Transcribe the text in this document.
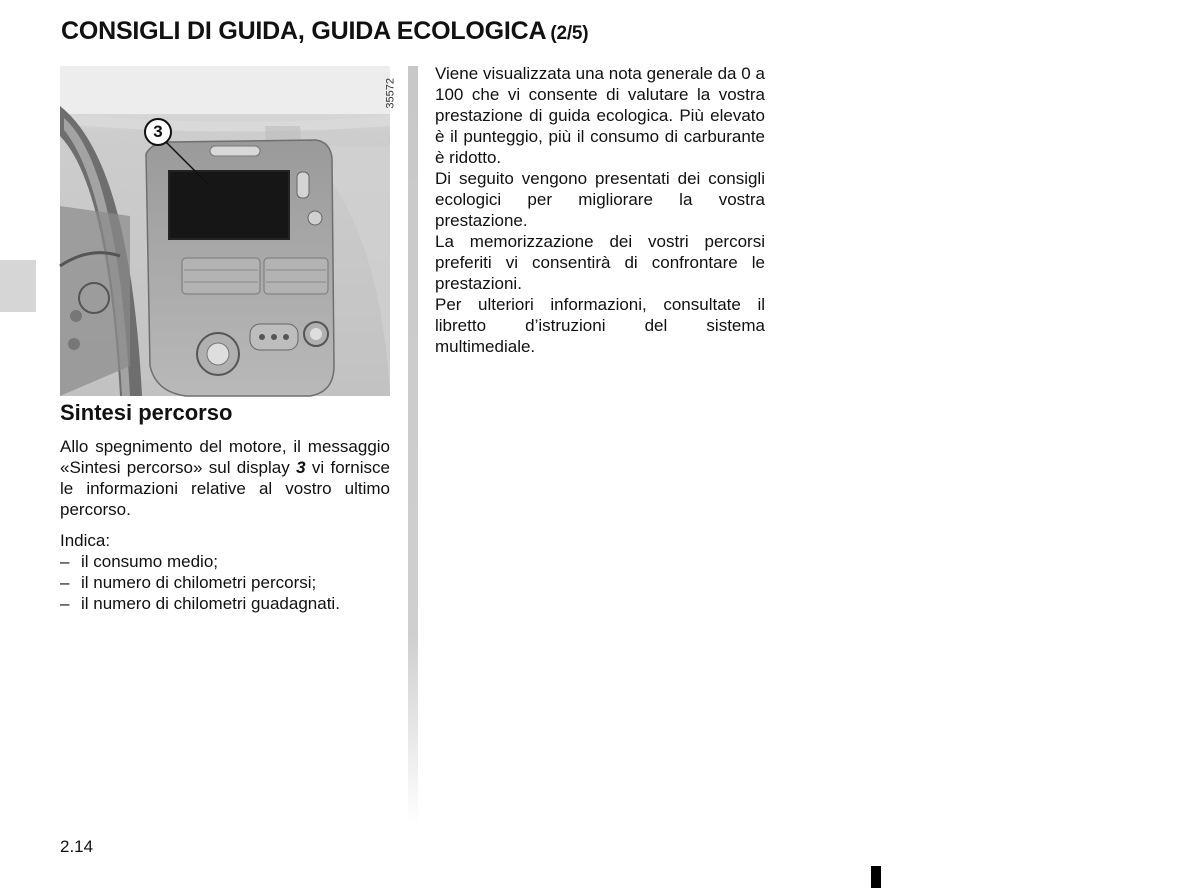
CONSIGLI DI GUIDA, GUIDA ECOLOGICA (2/5)
35572
3
Sintesi percorso

Allo spegnimento del motore, il messaggio «Sintesi percorso» sul display 3 vi fornisce le informazioni relative al vostro ultimo percorso.

Indica:
– il consumo medio;
– il numero di chilometri percorsi;
– il numero di chilometri guadagnati.

Viene visualizzata una nota generale da 0 a 100 che vi consente di valutare la vostra prestazione di guida ecologica. Più elevato è il punteggio, più il consumo di carburante è ridotto.

Di seguito vengono presentati dei consigli ecologici per migliorare la vostra prestazione.

La memorizzazione dei vostri percorsi preferiti vi consentirà di confrontare le prestazioni.

Per ulteriori informazioni, consultate il libretto d’istruzioni del sistema multimediale.

2.14
